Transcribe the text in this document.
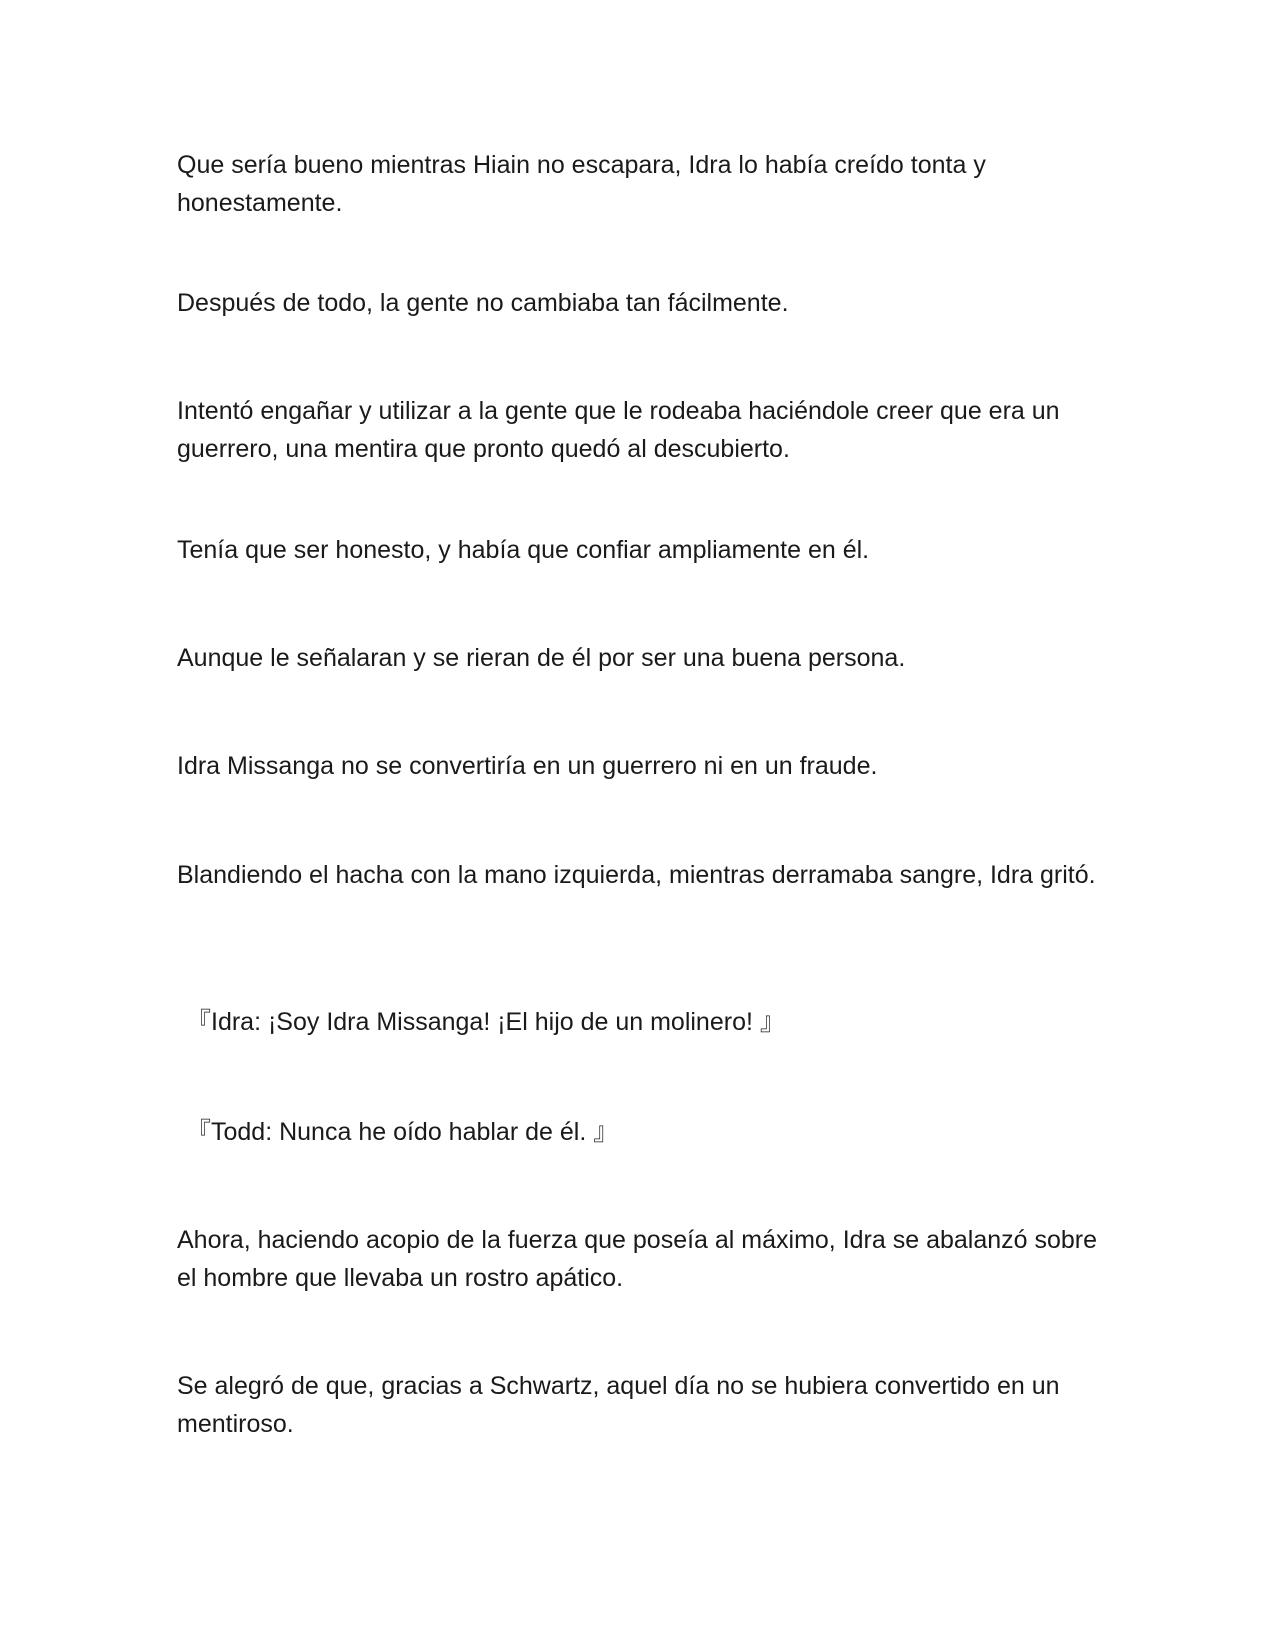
Que sería bueno mientras Hiain no escapara, Idra lo había creído tonta y honestamente.

Después de todo, la gente no cambiaba tan fácilmente.

Intentó engañar y utilizar a la gente que le rodeaba haciéndole creer que era un guerrero, una mentira que pronto quedó al descubierto.

Tenía que ser honesto, y había que confiar ampliamente en él.

Aunque le señalaran y se rieran de él por ser una buena persona.

Idra Missanga no se convertiría en un guerrero ni en un fraude.

Blandiendo el hacha con la mano izquierda, mientras derramaba sangre, Idra gritó.

『Idra: ¡Soy Idra Missanga! ¡El hijo de un molinero! 』

『Todd: Nunca he oído hablar de él. 』

Ahora, haciendo acopio de la fuerza que poseía al máximo, Idra se abalanzó sobre el hombre que llevaba un rostro apático.

Se alegró de que, gracias a Schwartz, aquel día no se hubiera convertido en un mentiroso.
